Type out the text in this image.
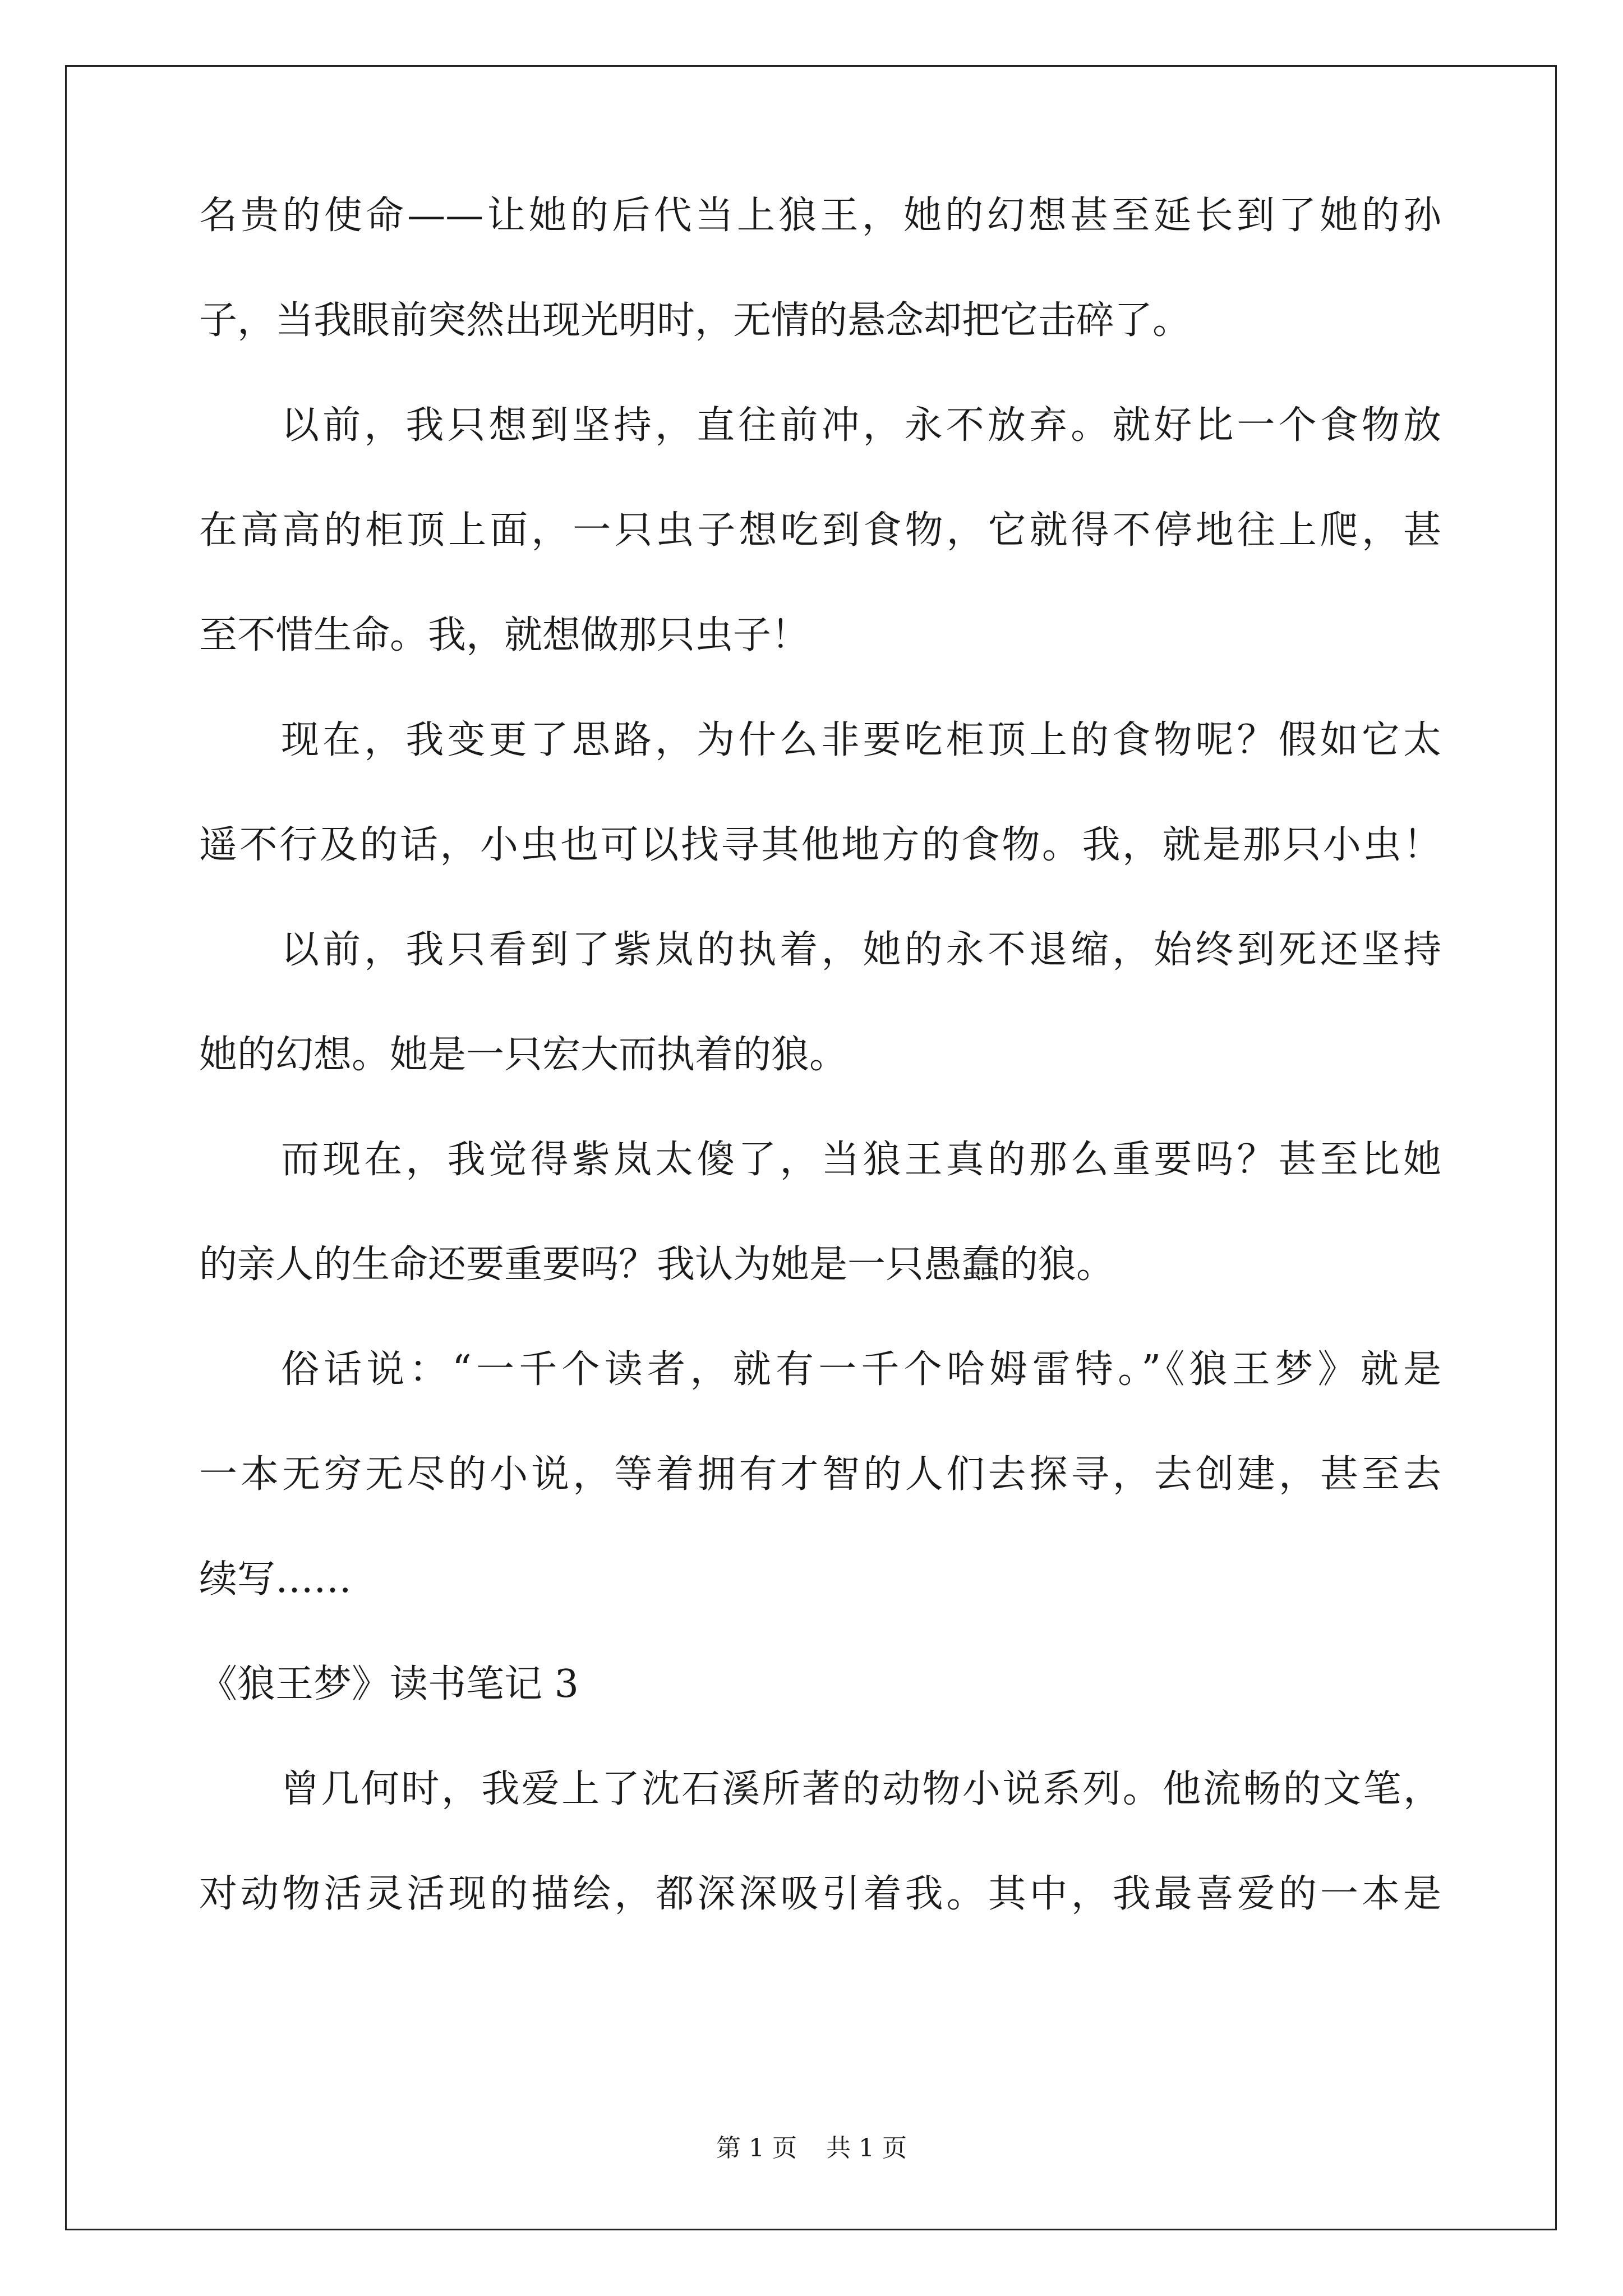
名贵的使命——让她的后代当上狼王，她的幻想甚至延长到了她的孙
子，当我眼前突然出现光明时，无情的悬念却把它击碎了。
以前，我只想到坚持，直往前冲，永不放弃。就好比一个食物放
在高高的柜顶上面，一只虫子想吃到食物，它就得不停地往上爬，甚
至不惜生命。我，就想做那只虫子！
现在，我变更了思路，为什么非要吃柜顶上的食物呢？假如它太
遥不行及的话，小虫也可以找寻其他地方的食物。我，就是那只小虫！
以前，我只看到了紫岚的执着，她的永不退缩，始终到死还坚持
她的幻想。她是一只宏大而执着的狼。
而现在，我觉得紫岚太傻了，当狼王真的那么重要吗？甚至比她
的亲人的生命还要重要吗？我认为她是一只愚蠢的狼。
俗话说：“一千个读者，就有一千个哈姆雷特。”《狼王梦》就是
一本无穷无尽的小说，等着拥有才智的人们去探寻，去创建，甚至去
续写……
《狼王梦》读书笔记 3
曾几何时，我爱上了沈石溪所著的动物小说系列。他流畅的文笔，
对动物活灵活现的描绘，都深深吸引着我。其中，我最喜爱的一本是
第 1 页 共 1 页
